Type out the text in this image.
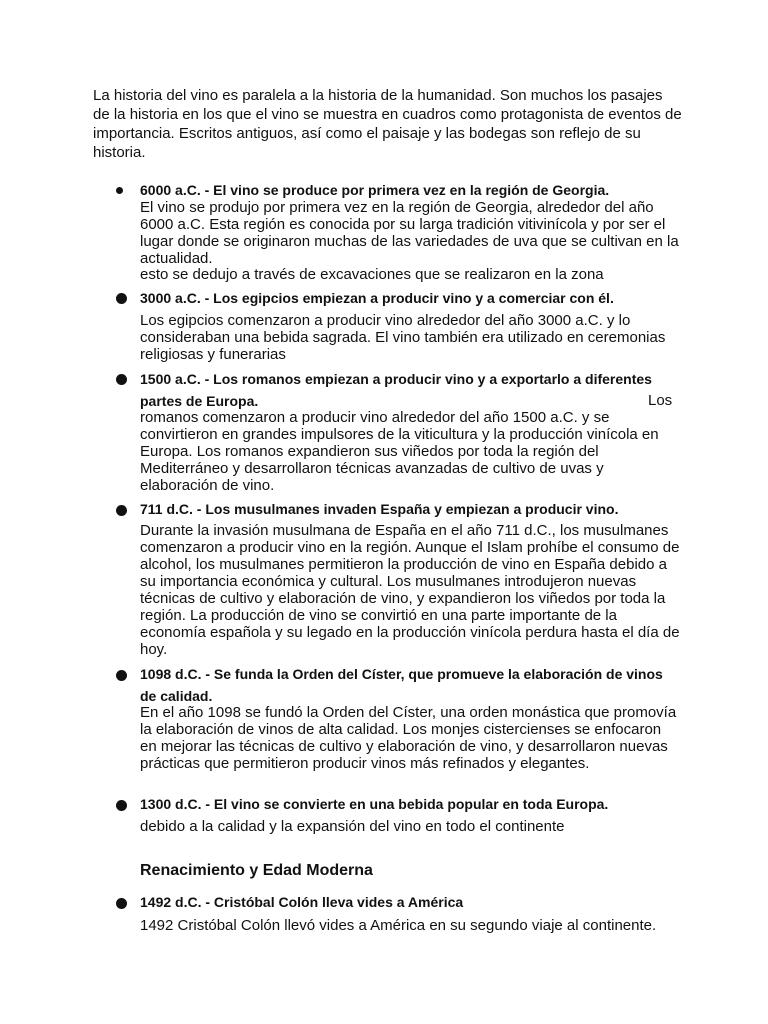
La historia del vino es paralela a la historia de la humanidad. Son muchos los pasajes de la historia en los que el vino se muestra en cuadros como protagonista de eventos de importancia. Escritos antiguos, así como el paisaje y las bodegas son reflejo de su historia.

6000 a.C. - El vino se produce por primera vez en la región de Georgia.

El vino se produjo por primera vez en la región de Georgia, alrededor del año 6000 a.C. Esta región es conocida por su larga tradición vitivinícola y por ser el lugar donde se originaron muchas de las variedades de uva que se cultivan en la actualidad.

esto se dedujo a través de excavaciones que se realizaron en la zona

3000 a.C. - Los egipcios empiezan a producir vino y a comerciar con él.

Los egipcios comenzaron a producir vino alrededor del año 3000 a.C. y lo consideraban una bebida sagrada. El vino también era utilizado en ceremonias religiosas y funerarias

1500 a.C. - Los romanos empiezan a producir vino y a exportarlo a diferentes partes de Europa.	Los

romanos comenzaron a producir vino alrededor del año 1500 a.C. y se convirtieron en grandes impulsores de la viticultura y la producción vinícola en Europa. Los romanos expandieron sus viñedos por toda la región del Mediterráneo y desarrollaron técnicas avanzadas de cultivo de uvas y elaboración de vino.

711 d.C. - Los musulmanes invaden España y empiezan a producir vino.

Durante la invasión musulmana de España en el año 711 d.C., los musulmanes comenzaron a producir vino en la región. Aunque el Islam prohíbe el consumo de alcohol, los musulmanes permitieron la producción de vino en España debido a su importancia económica y cultural. Los musulmanes introdujeron nuevas técnicas de cultivo y elaboración de vino, y expandieron los viñedos por toda la región. La producción de vino se convirtió en una parte importante de la economía española y su legado en la producción vinícola perdura hasta el día de hoy.

1098 d.C. - Se funda la Orden del Císter, que promueve la elaboración de vinos de calidad.

En el año 1098 se fundó la Orden del Císter, una orden monástica que promovía la elaboración de vinos de alta calidad. Los monjes cistercienses se enfocaron en mejorar las técnicas de cultivo y elaboración de vino, y desarrollaron nuevas prácticas que permitieron producir vinos más refinados y elegantes.

1300 d.C. - El vino se convierte en una bebida popular en toda Europa.

debido a la calidad y la expansión del vino en todo el continente

Renacimiento y Edad Moderna

1492 d.C. - Cristóbal Colón lleva vides a América

1492 Cristóbal Colón llevó vides a América en su segundo viaje al continente.
